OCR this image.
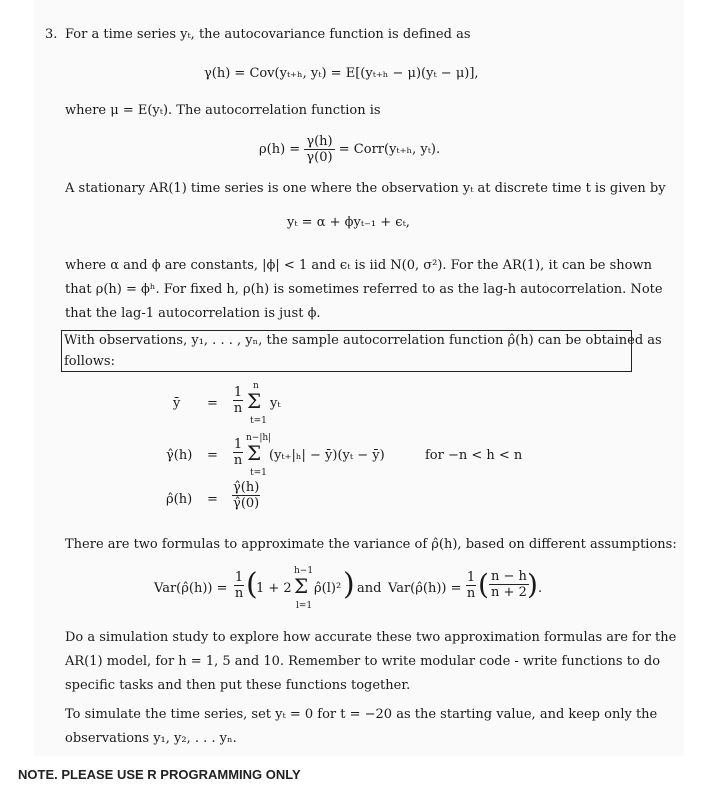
3. For a time series yₜ, the autocovariance function is defined as
γ(h) = Cov(yₜ₊ₕ, yₜ) = E[(yₜ₊ₕ − μ)(yₜ − μ)],
where μ = E(yₜ). The autocorrelation function is
$\rho(h) = \frac{\gamma(h)}{\gamma(0)}$ = Corr(yₜ₊ₕ, yₜ).
A stationary AR(1) time series is one where the observation yₜ at discrete time t is given by
yₜ = α + ϕyₜ₋₁ + ϵₜ,
where α and ϕ are constants, |ϕ| < 1 and ϵₜ is iid N(0, σ²). For the AR(1), it can be shown
that ρ(h) = ϕʰ. For fixed h, ρ(h) is sometimes referred to as the lag-h autocorrelation. Note
that the lag-1 autocorrelation is just ϕ.
With observations, y₁, . . . , yₙ, the sample autocorrelation function ρ̂(h) can be obtained as
follows:
ȳ = $\frac{1}{n}$ n
Σ
t=1
yₜ
γ̂(h) = $\frac{1}{n} n-|h|$
Σ
t=1
(yₜ₊|ₕ| − ȳ)(yₜ − ȳ)	for −n < h < n
ρ̂(h) = $\frac{\gammâ(h)}{\gammâ(0)}$
There are two formulas to approximate the variance of ρ̂(h), based on different assumptions:
Var(ρ̂(h)) = $\frac{1}{n}$ (
1 + 2
h−1
Σ
l=1
ρ̂(l)² ) and Var(ρ̂(h)) = $\frac{1}{n}$ ( $\frac{n - h}{n + 2}$
) .
Do a simulation study to explore how accurate these two approximation formulas are for the
AR(1) model, for h = 1, 5 and 10. Remember to write modular code - write functions to do
specific tasks and then put these functions together.
To simulate the time series, set yₜ = 0 for t = −20 as the starting value, and keep only the
observations y₁, y₂, . . . yₙ.
NOTE. PLEASE USE R PROGRAMMING ONLY
